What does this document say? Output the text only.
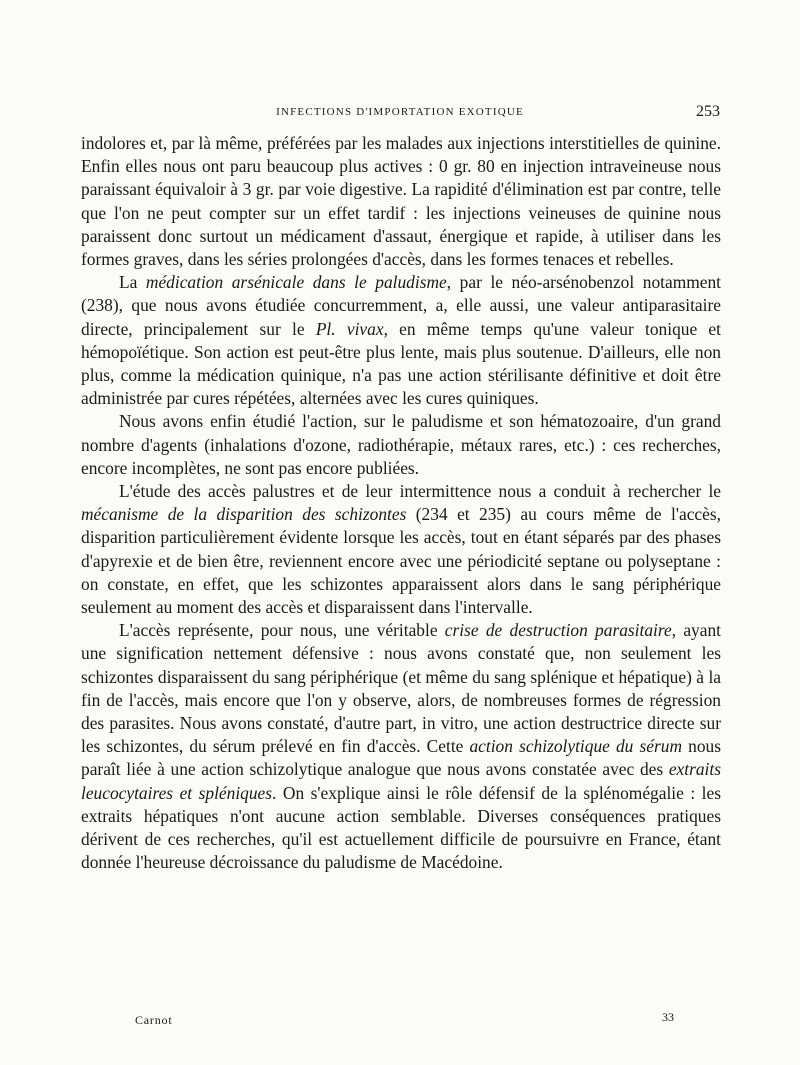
INFECTIONS D'IMPORTATION EXOTIQUE	253

indolores et, par là même, préférées par les malades aux injections interstitielles de quinine. Enfin elles nous ont paru beaucoup plus actives : 0 gr. 80 en injection intraveineuse nous paraissant équivaloir à 3 gr. par voie digestive. La rapidité d'élimination est par contre, telle que l'on ne peut compter sur un effet tardif : les injections veineuses de quinine nous paraissent donc surtout un médicament d'assaut, énergique et rapide, à utiliser dans les formes graves, dans les séries prolongées d'accès, dans les formes tenaces et rebelles.

La médication arsénicale dans le paludisme, par le néo-arsénobenzol notamment (238), que nous avons étudiée concurremment, a, elle aussi, une valeur antiparasitaire directe, principalement sur le Pl. vivax, en même temps qu'une valeur tonique et hémopoïétique. Son action est peut-être plus lente, mais plus soutenue. D'ailleurs, elle non plus, comme la médication quinique, n'a pas une action stérilisante définitive et doit être administrée par cures répétées, alternées avec les cures quiniques.

Nous avons enfin étudié l'action, sur le paludisme et son hématozoaire, d'un grand nombre d'agents (inhalations d'ozone, radiothérapie, métaux rares, etc.) : ces recherches, encore incomplètes, ne sont pas encore publiées.

L'étude des accès palustres et de leur intermittence nous a conduit à rechercher le mécanisme de la disparition des schizontes (234 et 235) au cours même de l'accès, disparition particulièrement évidente lorsque les accès, tout en étant séparés par des phases d'apyrexie et de bien être, reviennent encore avec une périodicité septane ou polyseptane : on constate, en effet, que les schizontes apparaissent alors dans le sang périphérique seulement au moment des accès et disparaissent dans l'intervalle.

L'accès représente, pour nous, une véritable crise de destruction parasitaire, ayant une signification nettement défensive : nous avons constaté que, non seulement les schizontes disparaissent du sang périphérique (et même du sang splénique et hépatique) à la fin de l'accès, mais encore que l'on y observe, alors, de nombreuses formes de régression des parasites. Nous avons constaté, d'autre part, in vitro, une action destructrice directe sur les schizontes, du sérum prélevé en fin d'accès. Cette action schizolytique du sérum nous paraît liée à une action schizolytique analogue que nous avons constatée avec des extraits leucocytaires et spléniques. On s'explique ainsi le rôle défensif de la splénomégalie : les extraits hépatiques n'ont aucune action semblable. Diverses conséquences pratiques dérivent de ces recherches, qu'il est actuellement difficile de poursuivre en France, étant donnée l'heureuse décroissance du paludisme de Macédoine.

Carnot	33
